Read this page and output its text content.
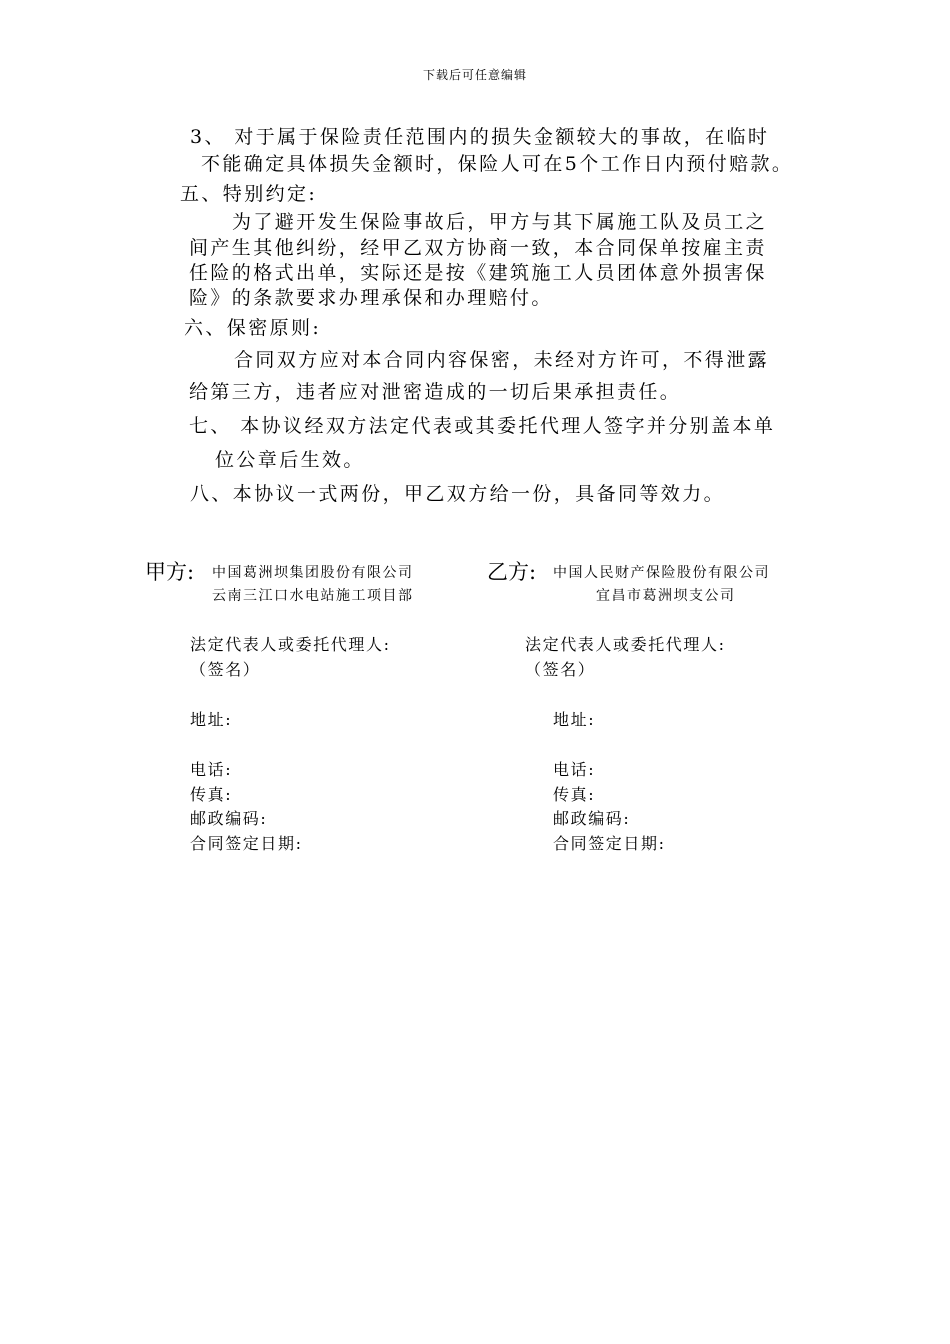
下载后可任意编辑
3、 对于属于保险责任范围内的损失金额较大的事故，在临时
不能确定具体损失金额时，保险人可在5个工作日内预付赔款。
五、特别约定:
为了避开发生保险事故后，甲方与其下属施工队及员工之
间产生其他纠纷，经甲乙双方协商一致，本合同保单按雇主责
任险的格式出单，实际还是按《建筑施工人员团体意外损害保
险》的条款要求办理承保和办理赔付。
六、保密原则:
合同双方应对本合同内容保密，未经对方许可，不得泄露
给第三方，违者应对泄密造成的一切后果承担责任。
七、 本协议经双方法定代表或其委托代理人签字并分别盖本单
位公章后生效。
八、本协议一式两份，甲乙双方给一份，具备同等效力。
甲方: 中国葛洲坝集团股份有限公司
云南三江口水电站施工项目部
法定代表人或委托代理人:
（签名）
地址:
电话:
传真:
邮政编码:
合同签定日期:
乙方: 中国人民财产保险股份有限公司
宜昌市葛洲坝支公司
法定代表人或委托代理人:
（签名）
地址:
电话:
传真:
邮政编码:
合同签定日期:
